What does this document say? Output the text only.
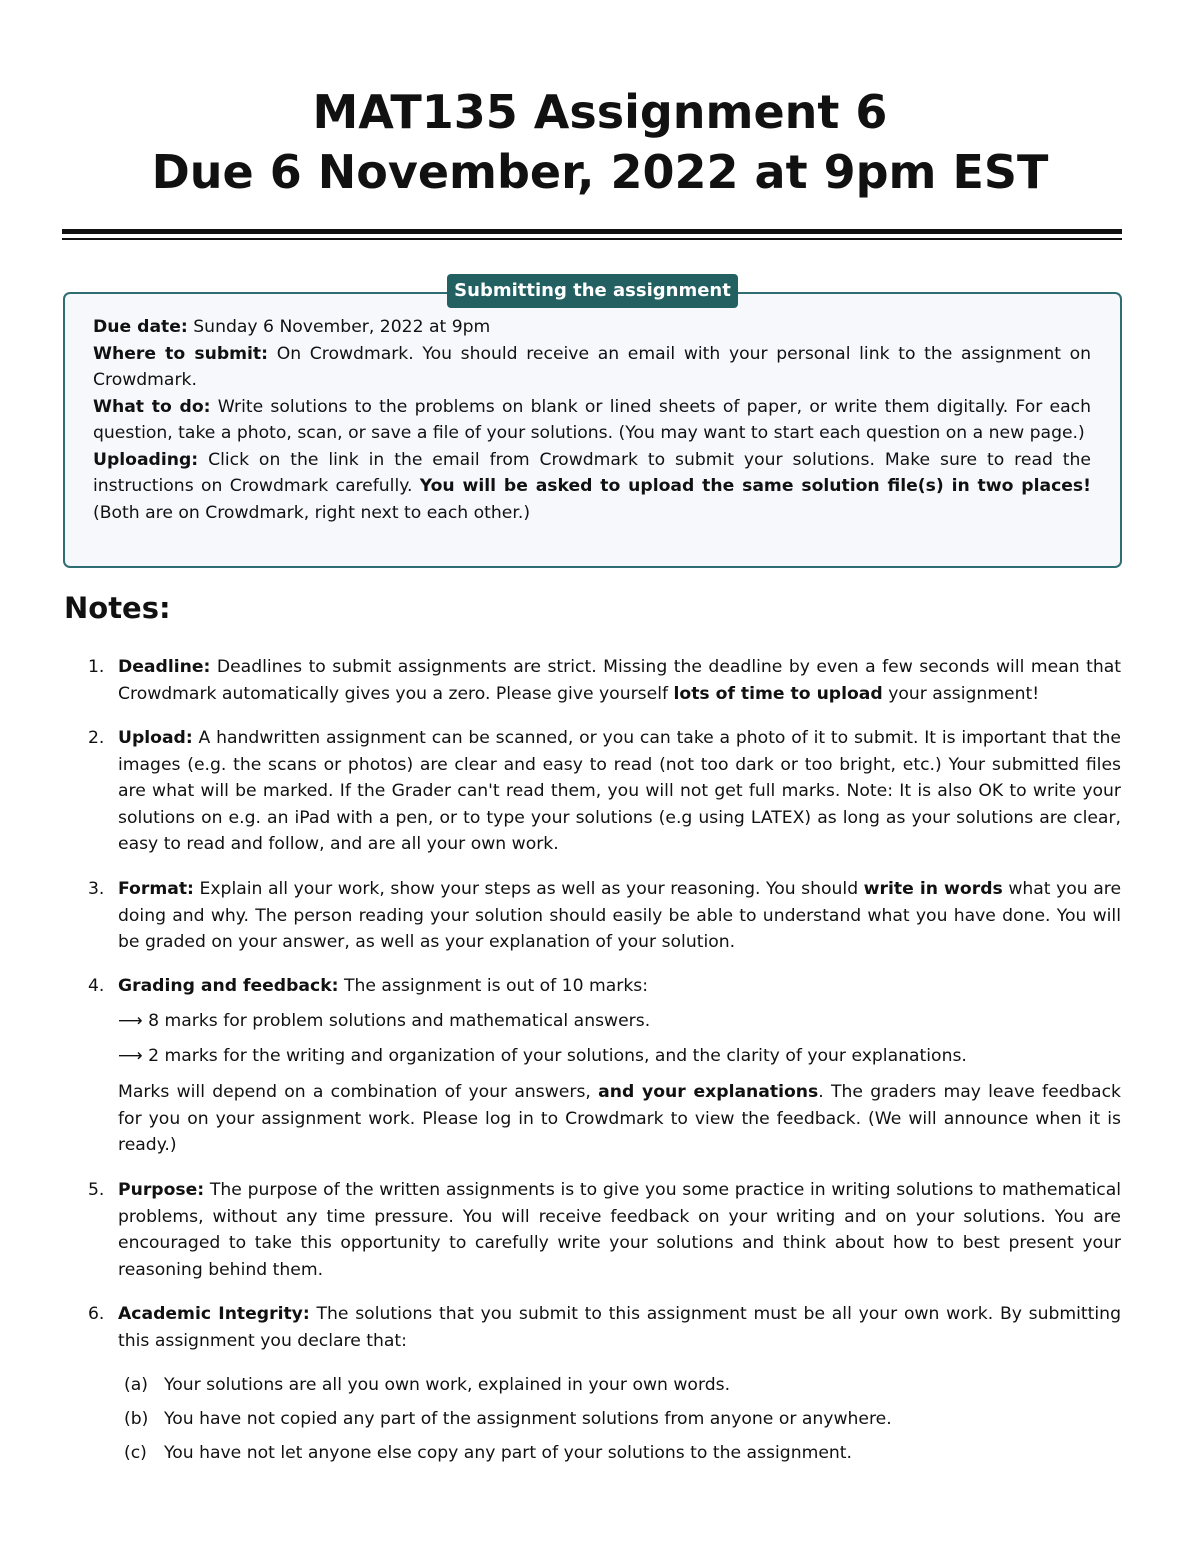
MAT135 Assignment 6
Due 6 November, 2022 at 9pm EST
Submitting the assignment

Due date: Sunday 6 November, 2022 at 9pm

Where to submit: On Crowdmark. You should receive an email with your personal link to the assignment on Crowdmark.

What to do: Write solutions to the problems on blank or lined sheets of paper, or write them digitally. For each question, take a photo, scan, or save a file of your solutions. (You may want to start each question on a new page.)

Uploading: Click on the link in the email from Crowdmark to submit your solutions. Make sure to read the instructions on Crowdmark carefully. You will be asked to upload the same solution file(s) in two places! (Both are on Crowdmark, right next to each other.)

Notes:
1. Deadline: Deadlines to submit assignments are strict. Missing the deadline by even a few seconds will mean that Crowdmark automatically gives you a zero. Please give yourself lots of time to upload your assignment!

2. Upload: A handwritten assignment can be scanned, or you can take a photo of it to submit. It is important that the images (e.g. the scans or photos) are clear and easy to read (not too dark or too bright, etc.) Your submitted files are what will be marked. If the Grader can't read them, you will not get full marks. Note: It is also OK to write your solutions on e.g. an iPad with a pen, or to type your solutions (e.g using LATEX) as long as your solutions are clear, easy to read and follow, and are all your own work.

3. Format: Explain all your work, show your steps as well as your reasoning. You should write in words what you are doing and why. The person reading your solution should easily be able to understand what you have done. You will be graded on your answer, as well as your explanation of your solution.

4. Grading and feedback: The assignment is out of 10 marks:

⟶ 8 marks for problem solutions and mathematical answers.
⟶ 2 marks for the writing and organization of your solutions, and the clarity of your explanations.

Marks will depend on a combination of your answers, and your explanations. The graders may leave feedback for you on your assignment work. Please log in to Crowdmark to view the feedback. (We will announce when it is ready.)

5. Purpose: The purpose of the written assignments is to give you some practice in writing solutions to mathematical problems, without any time pressure. You will receive feedback on your writing and on your solutions. You are encouraged to take this opportunity to carefully write your solutions and think about how to best present your reasoning behind them.

6. Academic Integrity: The solutions that you submit to this assignment must be all your own work. By submitting this assignment you declare that:

(a) Your solutions are all you own work, explained in your own words.
(b) You have not copied any part of the assignment solutions from anyone or anywhere.
(c) You have not let anyone else copy any part of your solutions to the assignment.
